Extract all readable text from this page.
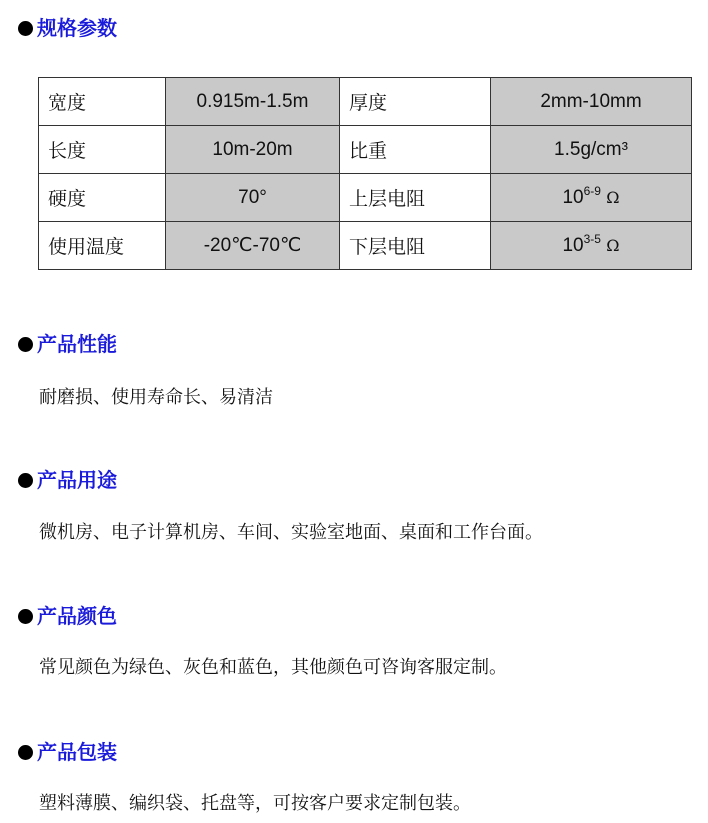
规格参数
宽度	0.915m-1.5m	厚度	2mm-10mm
长度	10m-20m	比重	1.5g/cm³
硬度	70°	上层电阻	10$^{6-9}$ Ω
使用温度	-20℃-70℃	下层电阻	10$^{3-5}$ Ω
产品性能
耐磨损、使用寿命长、易清洁
产品用途
微机房、电子计算机房、车间、实验室地面、桌面和工作台面。
产品颜色
常见颜色为绿色、灰色和蓝色，其他颜色可咨询客服定制。
产品包装
塑料薄膜、编织袋、托盘等，可按客户要求定制包装。
